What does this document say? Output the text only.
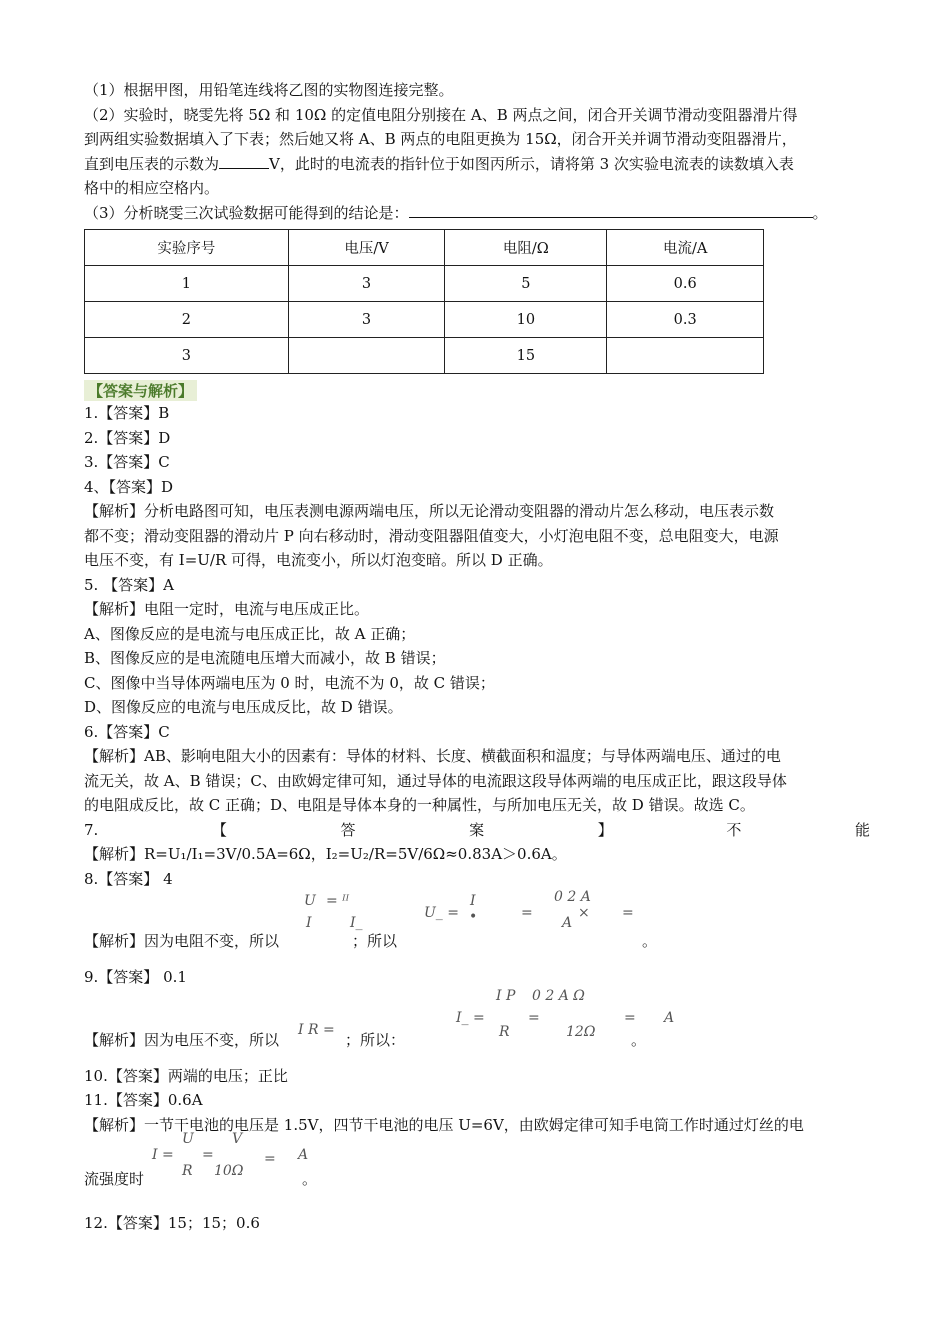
（1）根据甲图，用铅笔连线将乙图的实物图连接完整。
（2）实验时，晓雯先将 5Ω 和 10Ω 的定值电阻分别接在 A、B 两点之间，闭合开关调节滑动变阻器滑片得
到两组实验数据填入了下表；然后她又将 A、B 两点的电阻更换为 15Ω，闭合开关并调节滑动变阻器滑片，
直到电压表的示数为	V，此时的电流表的指针位于如图丙所示，请将第 3 次实验电流表的读数填入表
格中的相应空格内。
（3）分析晓雯三次试验数据可能得到的结论是：	。
实验序号	电压/V	电阻/Ω	电流/A
1	3	5	0.6
2	3	10	0.3
3		15	
【答案与解析】
1.【答案】B
2.【答案】D
3.【答案】C
4、【答案】D
【解析】分析电路图可知，电压表测电源两端电压，所以无论滑动变阻器的滑动片怎么移动，电压表示数
都不变；滑动变阻器的滑动片 P 向右移动时，滑动变阻器阻值变大，小灯泡电阻不变，总电阻变大，电源
电压不变，有 I=U/R 可得，电流变小，所以灯泡变暗。所以 D 正确。
5. 【答案】A
【解析】电阻一定时，电流与电压成正比。
A、图像反应的是电流与电压成正比，故 A 正确；
B、图像反应的是电流随电压增大而减小，故 B 错误；
C、图像中当导体两端电压为 0 时，电流不为 0，故 C 错误；
D、图像反应的电流与电压成反比，故 D 错误。
6.【答案】C
【解析】AB、影响电阻大小的因素有：导体的材料、长度、横截面积和温度；与导体两端电压、通过的电
流无关，故 A、B 错误；C、由欧姆定律可知，通过导体的电流跟这段导体两端的电压成正比，跟这段导体
的电阻成反比，故 C 正确；D、电阻是导体本身的一种属性，与所加电压无关，故 D 错误。故选 C。
7.	【	答	案	】	不	能
【解析】R=U₁/I₁=3V/0.5A=6Ω，I₂=U₂/R=5V/6Ω≈0.83A＞0.6A。
8.【答案】 4
U = ᴵᴵ
I	I_
U_ =
I
•	=
0 2 A
A
× =
【解析】因为电阻不变，所以	；所以	。
9.【答案】 0.1
I R =
I_ =
I P 0 2 A Ω
R
=
12Ω
= A
【解析】因为电压不变，所以	；所以：	。
10.【答案】两端的电压；正比
11.【答案】0.6A
【解析】一节干电池的电压是 1.5V，四节干电池的电压 U=6V，由欧姆定律可知手电筒工作时通过灯丝的电
I =
U
R
=
V
10Ω
= A
流强度时	。
12.【答案】15；15；0.6
